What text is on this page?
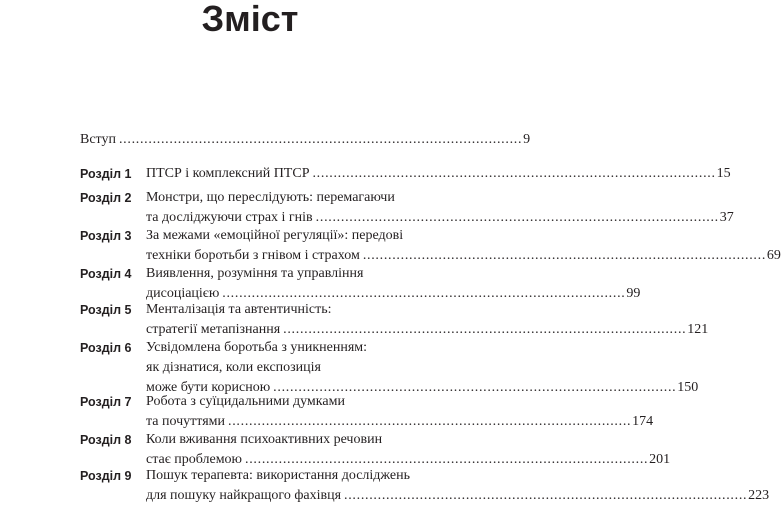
Зміст
Вступ . . .	9
Розділ 1	ПТСР і комплексний ПТСР . . .	15
Розділ 2	Монстри, що переслідують: перемагаючи
та досліджуючи страх і гнів . . .	37
Розділ 3	За межами «емоційної регуляції»: передові
техніки боротьби з гнівом і страхом . . .	69
Розділ 4	Виявлення, розуміння та управління
дисоціацією . . .	99
Розділ 5	Менталізація та автентичність:
стратегії метапізнання . . .	121
Розділ 6	Усвідомлена боротьба з уникненням:
як дізнатися, коли експозиція
може бути корисною . . .	150
Розділ 7	Робота з суїцидальними думками
та почуттями . . .	174
Розділ 8	Коли вживання психоактивних речовин
стає проблемою . . .	201
Розділ 9	Пошук терапевта: використання досліджень
для пошуку найкращого фахівця . . .	223
